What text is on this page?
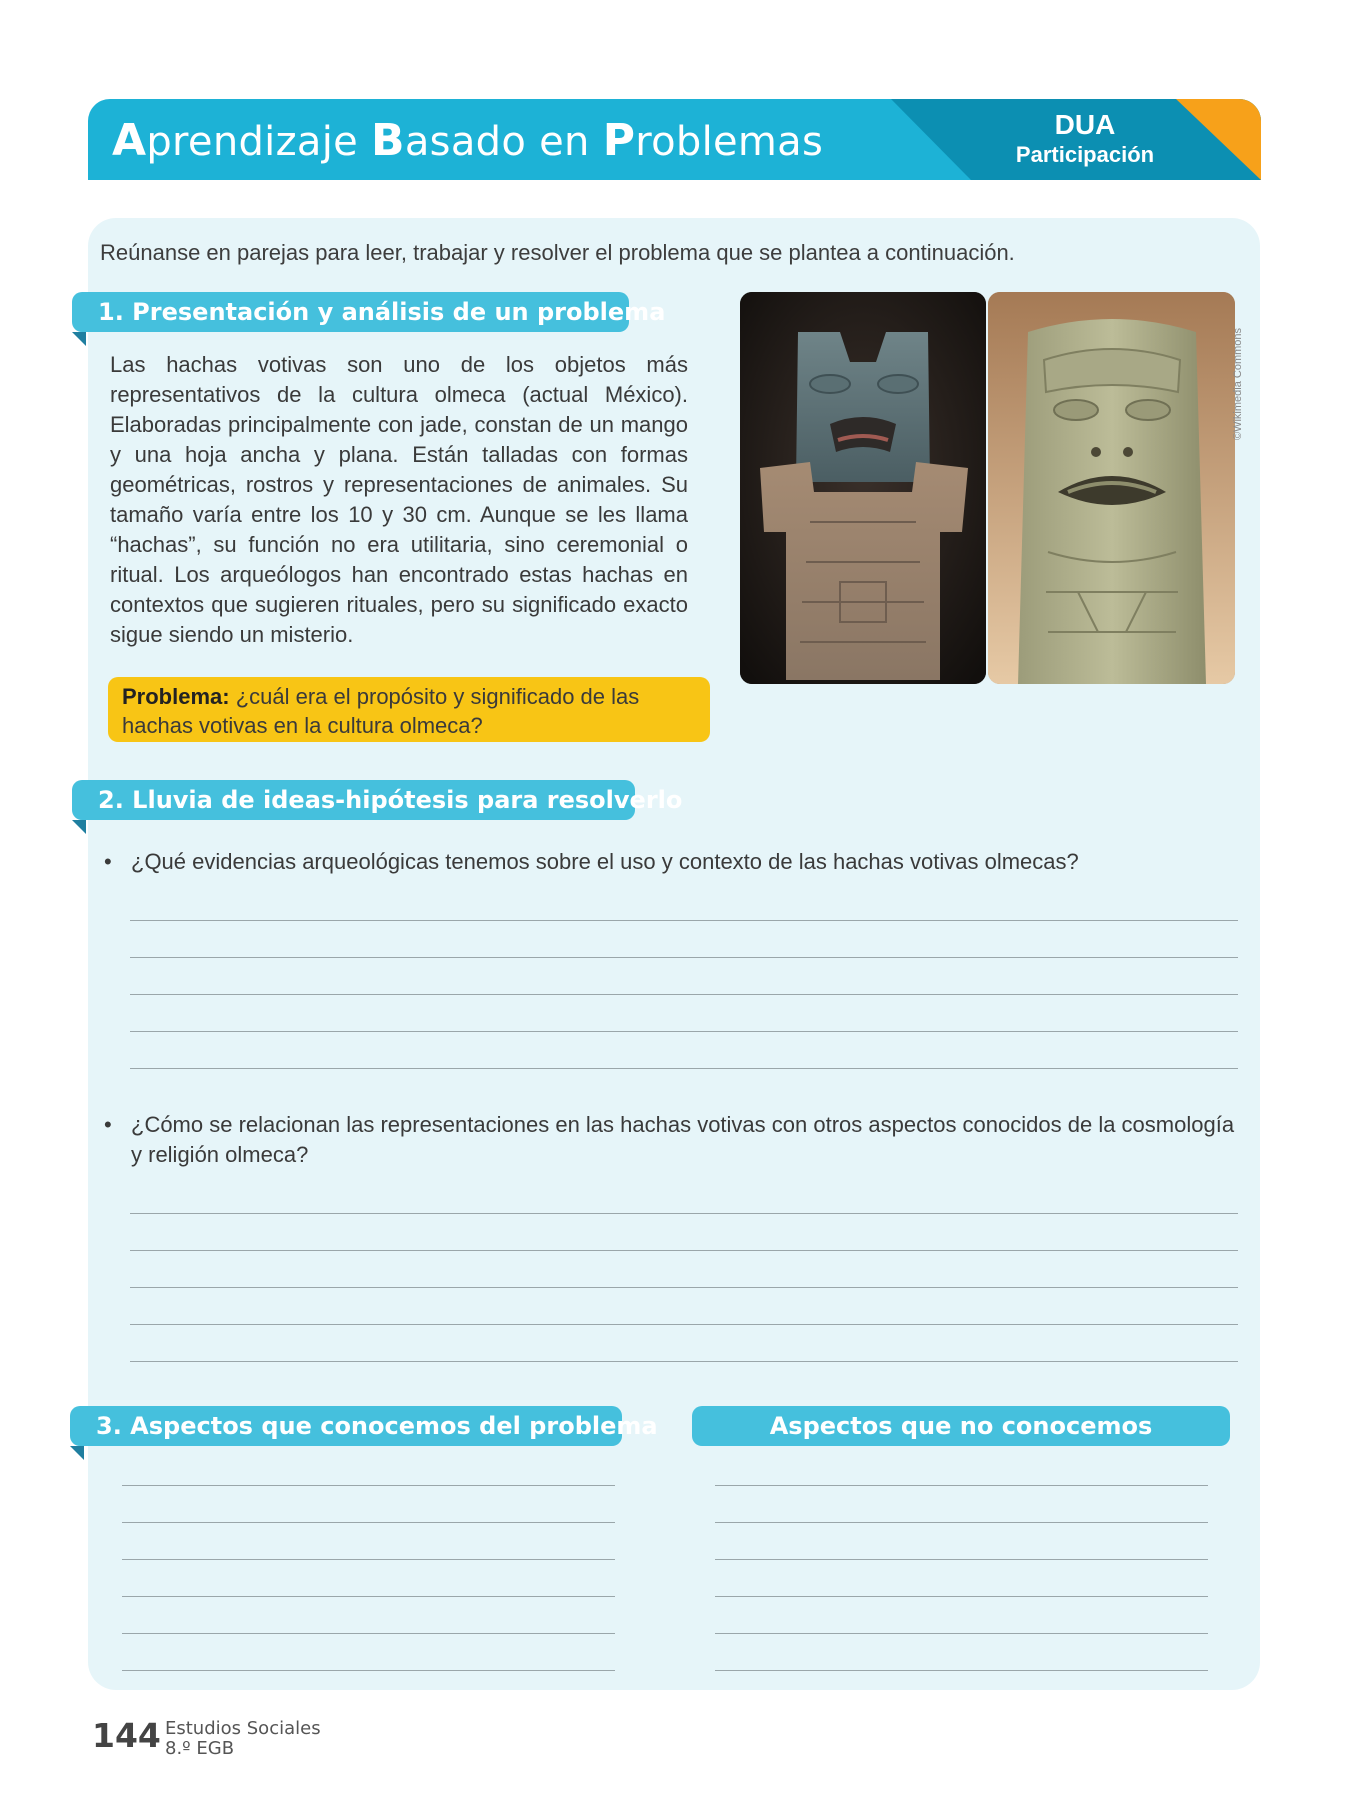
Aprendizaje Basado en Problemas	DUA
Participación
Reúnanse en parejas para leer, trabajar y resolver el problema que se plantea a continuación.
1. Presentación y análisis de un problema
Las hachas votivas son uno de los objetos más representativos de la cultura olmeca (actual México). Elaboradas principalmente con jade, constan de un mango y una hoja ancha y plana. Están talladas con formas geométricas, rostros y representaciones de animales. Su tamaño varía entre los 10 y 30 cm. Aunque se les llama “hachas”, su función no era utilitaria, sino ceremonial o ritual. Los arqueólogos han encontrado estas hachas en contextos que sugieren rituales, pero su significado exacto sigue siendo un misterio.
Problema: ¿cuál era el propósito y significado de las hachas votivas en la cultura olmeca?
©Wikimedia Commons
2. Lluvia de ideas-hipótesis para resolverlo
• ¿Qué evidencias arqueológicas tenemos sobre el uso y contexto de las hachas votivas olmecas?
• ¿Cómo se relacionan las representaciones en las hachas votivas con otros aspectos conocidos de la cosmología y religión olmeca?
3. Aspectos que conocemos del problema	Aspectos que no conocemos
144 Estudios Sociales
8.º EGB
